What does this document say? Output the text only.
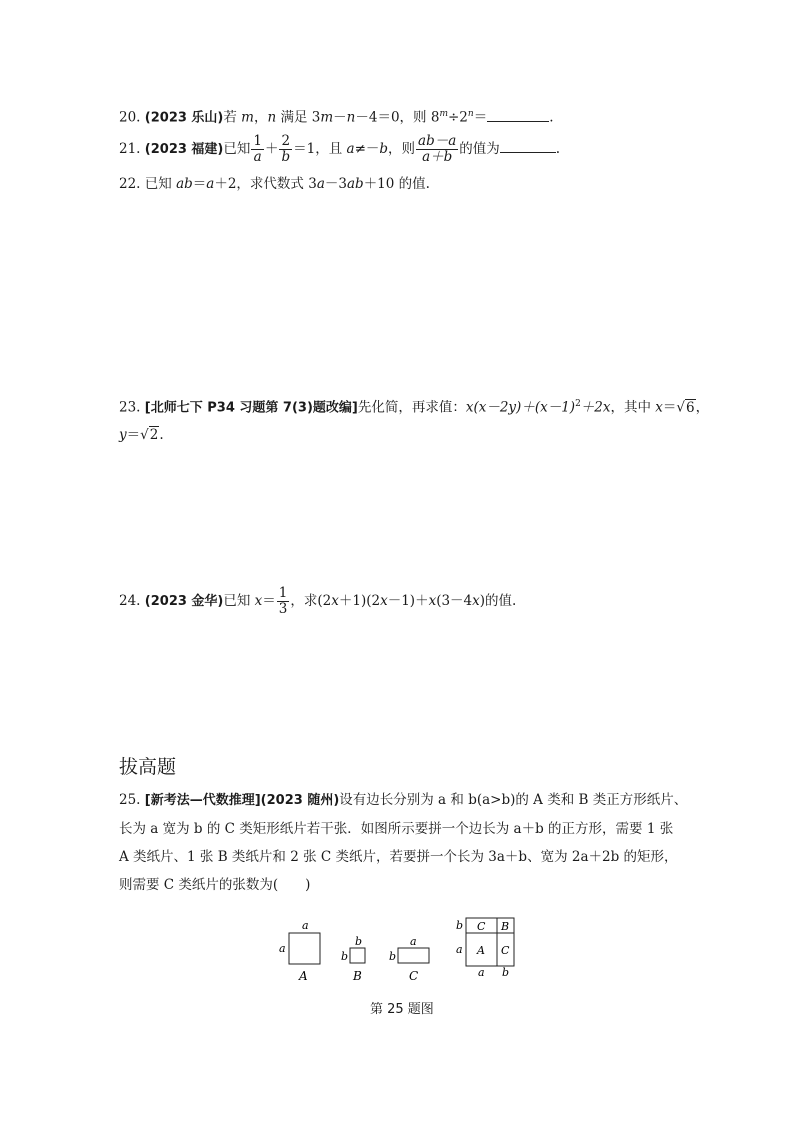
20. (2023 乐山)若 m，n 满足 3m－n－4＝0，则 $8^m\div 2^n=$	.
21. (2023 福建)已知 $\frac{1}{a} + \frac{2}{b} =1$，且 a≠－b，则 $\frac{ab-a}{a+b}$ 的值为	.
22. 已知 ab＝a＋2，求代数式 3a－3ab＋10 的值.
23. [北师七下 P34 习题第 7(3)题改编]先化简，再求值：$x(x-2y)+(x-1)^2+2x$，其中 x＝√6，
y＝√2.
24. (2023 金华)已知 $x= \frac{1}{3}$ ，求(2x＋1)(2x－1)＋x(3－4x)的值.
拔高题
25. [新考法—代数推理](2023 随州)设有边长分别为 a 和 b(a>b)的 A 类和 B 类正方形纸片、
长为 a 宽为 b 的 C 类矩形纸片若干张．如图所示要拼一个边长为 a＋b 的正方形，需要 1 张
A 类纸片、1 张 B 类纸片和 2 张 C 类纸片，若要拼一个长为 3a＋b、宽为 2a＋2b 的矩形，
则需要 C 类纸片的张数为(　　)
a
a
A
b
b
B
a
b
C
C B
A C
b
a
a b
第 25 题图
